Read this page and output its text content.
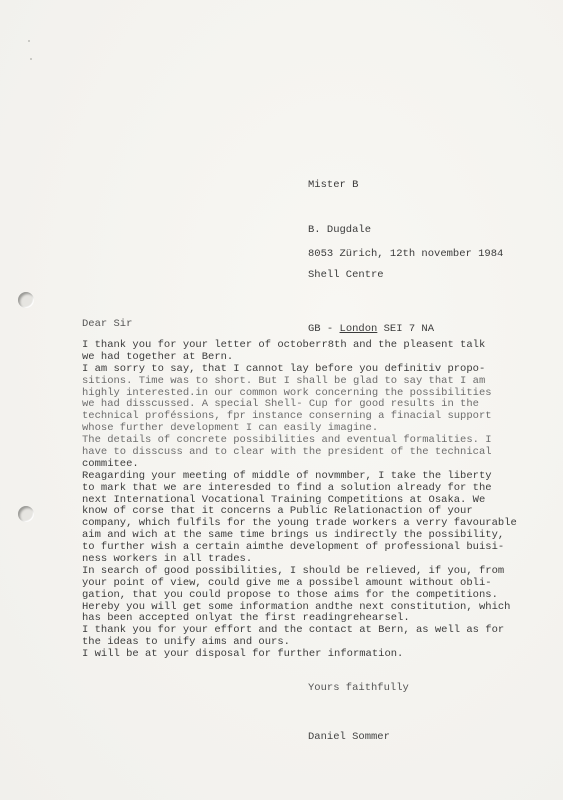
Mister B

B. Dugdale

Shell Centre

GB - London SEI 7 NA

8053 Zürich, 12th november 1984
Dear Sir
I thank you for your letter of octoberr8th and the pleasent talk
we had together at Bern.
I am sorry to say, that I cannot lay before you definitiv propo-
sitions. Time was to short. But I shall be glad to say that I am
highly interested.in our common work concerning the possibilities
we had disscussed. A special Shell- Cup for good results in the
technical proféssions, fpr instance conserning a finacial support
whose further development I can easily imagine.
The details of concrete possibilities and eventual formalities. I
have to disscuss and to clear with the president of the technical
commitee.
Reagarding your meeting of middle of novmmber, I take the liberty
to mark that we are interesded to find a solution already for the
next International Vocational Training Competitions at Osaka. We
know of corse that it concerns a Public Relationaction of your
company, which fulfils for the young trade workers a verry favourable
aim and wich at the same time brings us indirectly the possibility,
to further wish a certain aimthe development of professional buisi-
ness workers in all trades.
In search of good possibilities, I should be relieved, if you, from
your point of view, could give me a possibel amount without obli-
gation, that you could propose to those aims for the competitions.
Hereby you will get some information andthe next constitution, which
has been accepted onlyat the first readingrehearsel.
I thank you for your effort and the contact at Bern, as well as for
the ideas to unify aims and ours.
I will be at your disposal for further information.
Yours faithfully
Daniel Sommer
